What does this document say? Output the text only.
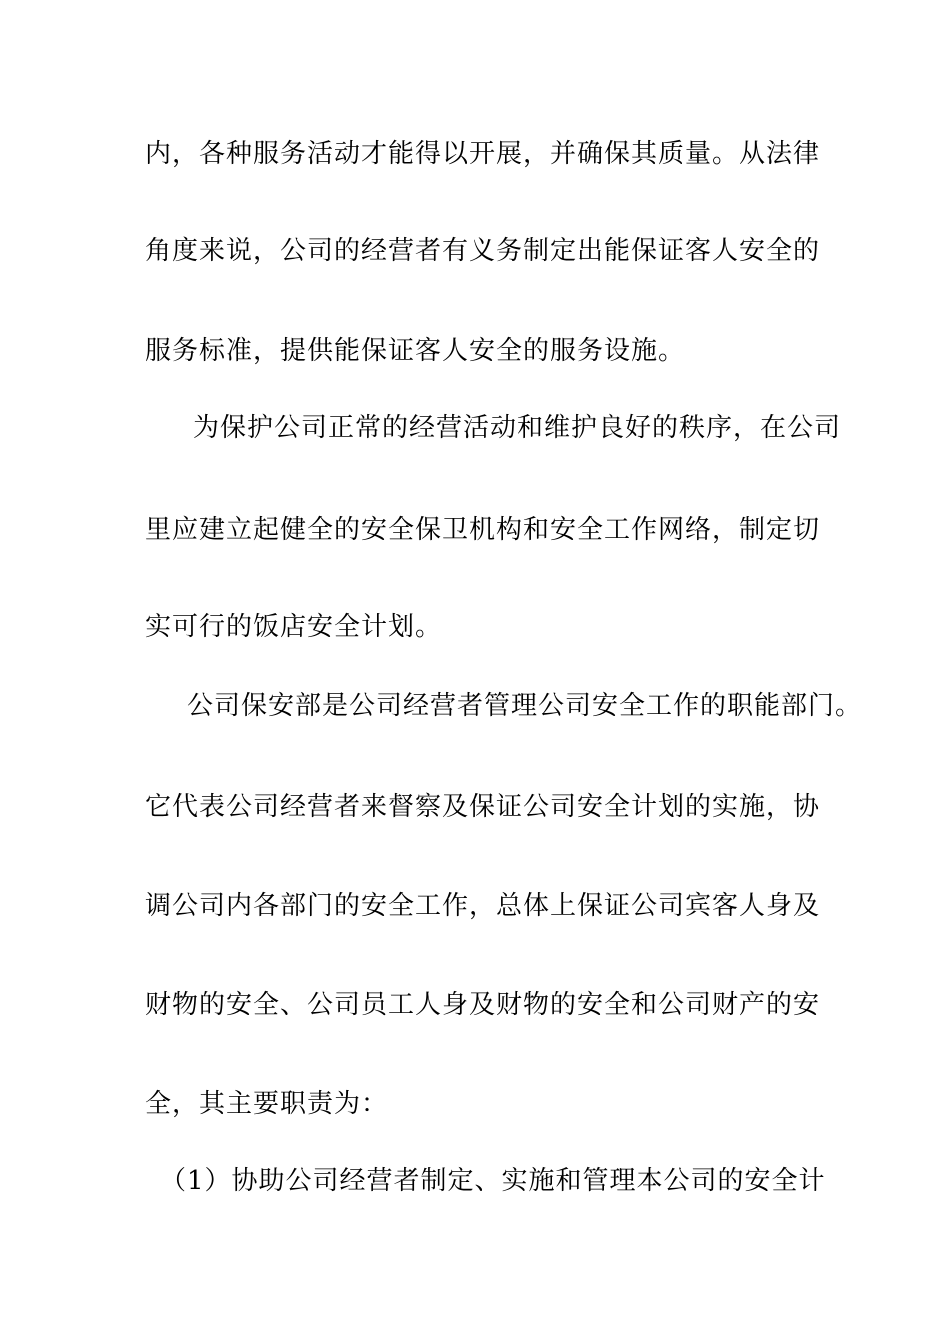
内，各种服务活动才能得以开展，并确保其质量。从法律
角度来说，公司的经营者有义务制定出能保证客人安全的
服务标准，提供能保证客人安全的服务设施。
为保护公司正常的经营活动和维护良好的秩序，在公司
里应建立起健全的安全保卫机构和安全工作网络，制定切
实可行的饭店安全计划。
公司保安部是公司经营者管理公司安全工作的职能部门。
它代表公司经营者来督察及保证公司安全计划的实施，协
调公司内各部门的安全工作，总体上保证公司宾客人身及
财物的安全、公司员工人身及财物的安全和公司财产的安
全，其主要职责为：
（1）协助公司经营者制定、实施和管理本公司的安全计
